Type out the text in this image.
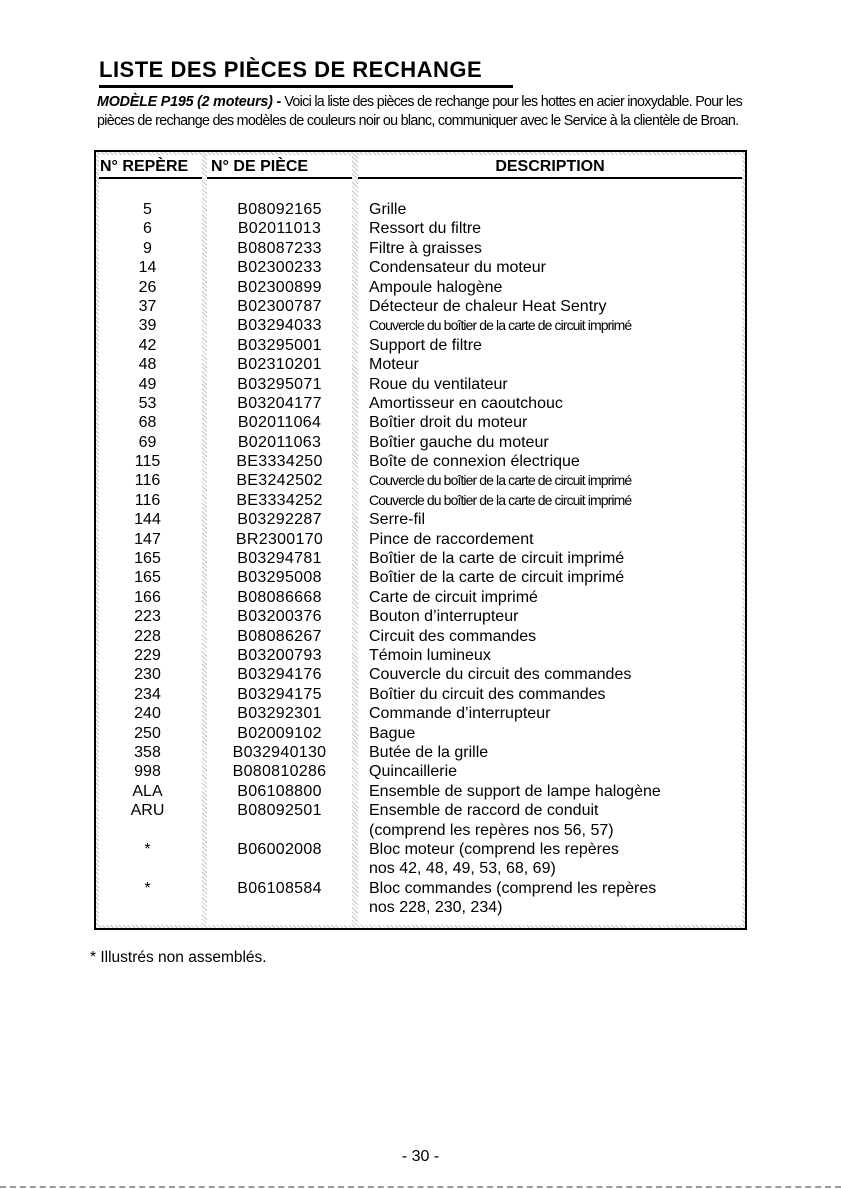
LISTE DES PIÈCES DE RECHANGE

MODÈLE P195 (2 moteurs) - Voici la liste des pièces de rechange pour les hottes en acier inoxydable. Pour les pièces de rechange des modèles de couleurs noir ou blanc, communiquer avec le Service à la clientèle de Broan.

N° REPÈRE
5
6
9
14
26
37
39
42
48
49
53
68
69
115
116
116
144
147
165
165
166
223
228
229
230
234
240
250
358
998
ALA
ARU
*
*
N° DE PIÈCE
B08092165
B02011013
B08087233
B02300233
B02300899
B02300787
B03294033
B03295001
B02310201
B03295071
B03204177
B02011064
B02011063
BE3334250
BE3242502
BE3334252
B03292287
BR2300170
B03294781
B03295008
B08086668
B03200376
B08086267
B03200793
B03294176
B03294175
B03292301
B02009102
B032940130
B080810286
B06108800
B08092501
B06002008
B06108584
DESCRIPTION
Grille
Ressort du filtre
Filtre à graisses
Condensateur du moteur
Ampoule halogène
Détecteur de chaleur Heat Sentry
Couvercle du boîtier de la carte de circuit imprimé
Support de filtre
Moteur
Roue du ventilateur
Amortisseur en caoutchouc
Boîtier droit du moteur
Boîtier gauche du moteur
Boîte de connexion électrique
Couvercle du boîtier de la carte de circuit imprimé
Couvercle du boîtier de la carte de circuit imprimé
Serre-fil
Pince de raccordement
Boîtier de la carte de circuit imprimé
Boîtier de la carte de circuit imprimé
Carte de circuit imprimé
Bouton d’interrupteur
Circuit des commandes
Témoin lumineux
Couvercle du circuit des commandes
Boîtier du circuit des commandes
Commande d’interrupteur
Bague
Butée de la grille
Quincaillerie
Ensemble de support de lampe halogène
Ensemble de raccord de conduit
(comprend les repères nos 56, 57)
Bloc moteur (comprend les repères
nos 42, 48, 49, 53, 68, 69)
Bloc commandes (comprend les repères
nos 228, 230, 234)

* Illustrés non assemblés.

- 30 -
